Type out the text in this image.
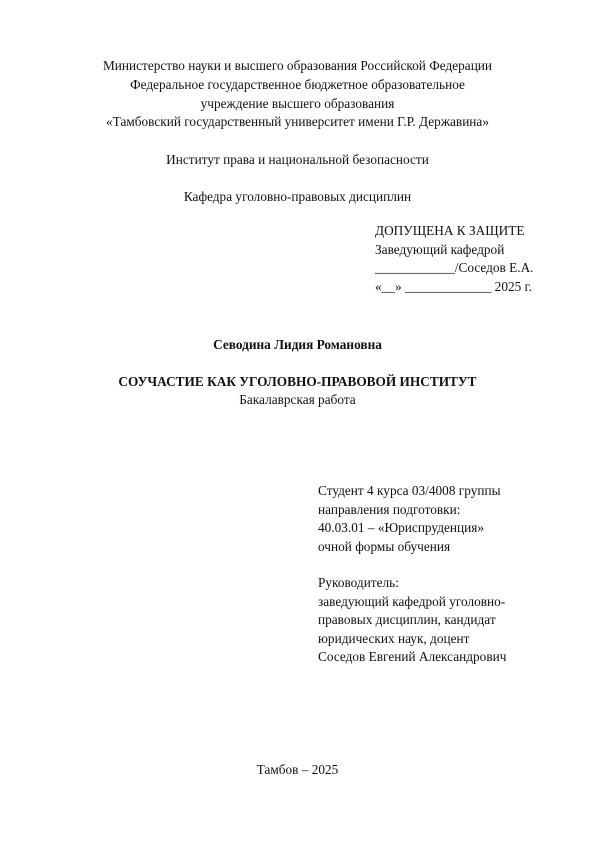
Министерство науки и высшего образования Российской Федерации
Федеральное государственное бюджетное образовательное
учреждение высшего образования
«Тамбовский государственный университет имени Г.Р. Державина»
Институт права и национальной безопасности
Кафедра уголовно-правовых дисциплин
ДОПУЩЕНА К ЗАЩИТЕ
Заведующий кафедрой
____________/Соседов Е.А.
«__» _____________ 2025 г.
Севодина Лидия Романовна
СОУЧАСТИЕ КАК УГОЛОВНО-ПРАВОВОЙ ИНСТИТУТ
Бакалаврская работа
Студент 4 курса 03/4008 группы
направления подготовки:
40.03.01 – «Юриспруденция»
очной формы обучения
Руководитель:
заведующий кафедрой уголовно-
правовых дисциплин, кандидат
юридических наук, доцент
Соседов Евгений Александрович
Тамбов – 2025
